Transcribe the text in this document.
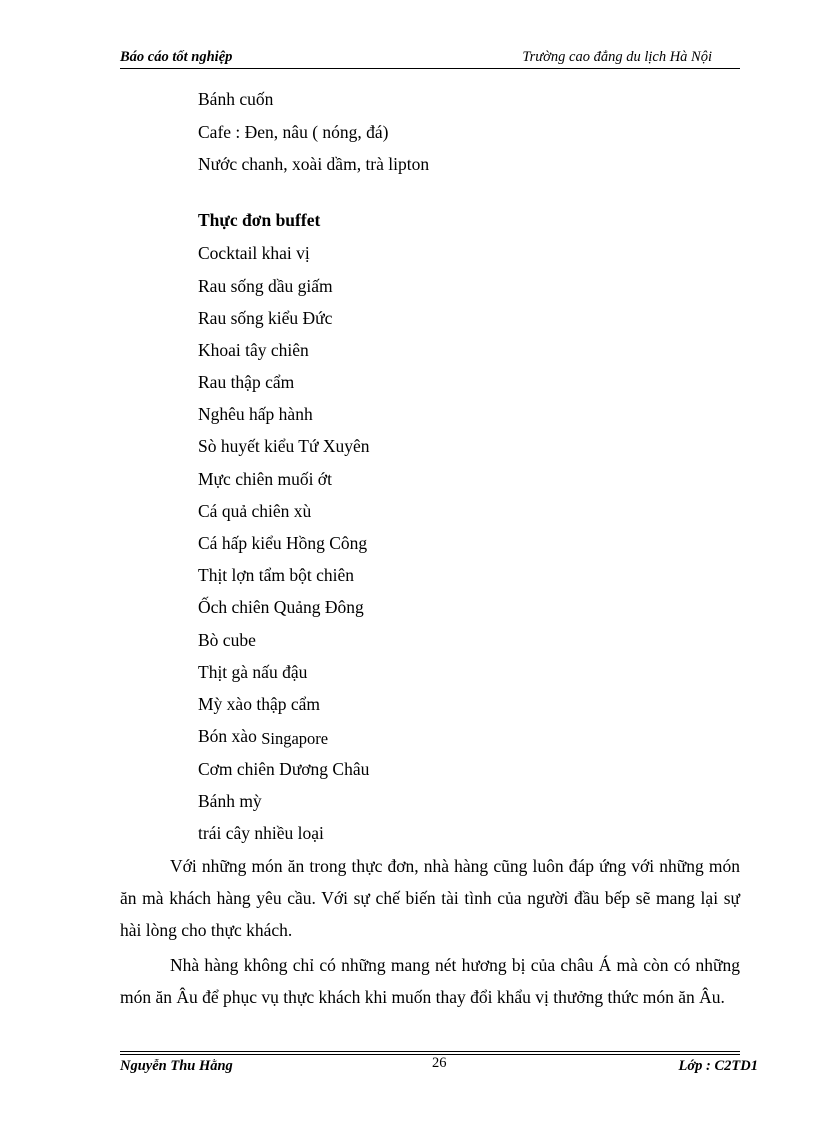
Báo cáo tốt nghiệp	Trường cao đẳng du lịch Hà Nội
Bánh cuốn
Cafe : Đen, nâu ( nóng, đá)
Nước chanh, xoài dầm, trà lipton
Thực đơn buffet
Cocktail khai vị
Rau sống dầu giấm
Rau sống kiểu Đức
Khoai tây chiên
Rau thập cẩm
Nghêu hấp hành
Sò huyết kiểu Tứ Xuyên
Mực chiên muối ớt
Cá quả chiên xù
Cá hấp kiểu Hồng Công
Thịt lợn tẩm bột chiên
Ốch chiên Quảng Đông
Bò cube
Thịt gà nấu đậu
Mỳ xào thập cẩm
Bón xào Singapore
Cơm chiên Dương Châu
Bánh mỳ
trái cây nhiều loại

Với những món ăn trong thực đơn, nhà hàng cũng luôn đáp ứng với những món ăn mà khách hàng yêu cầu. Với sự chế biến tài tình của người đầu bếp sẽ mang lại sự hài lòng cho thực khách.

Nhà hàng không chỉ có những mang nét hương bị của châu Á mà còn có những món ăn Âu để phục vụ thực khách khi muốn thay đổi khẩu vị thưởng thức món ăn Âu.

Nguyễn Thu Hằng	26	Lớp : C2TD1
